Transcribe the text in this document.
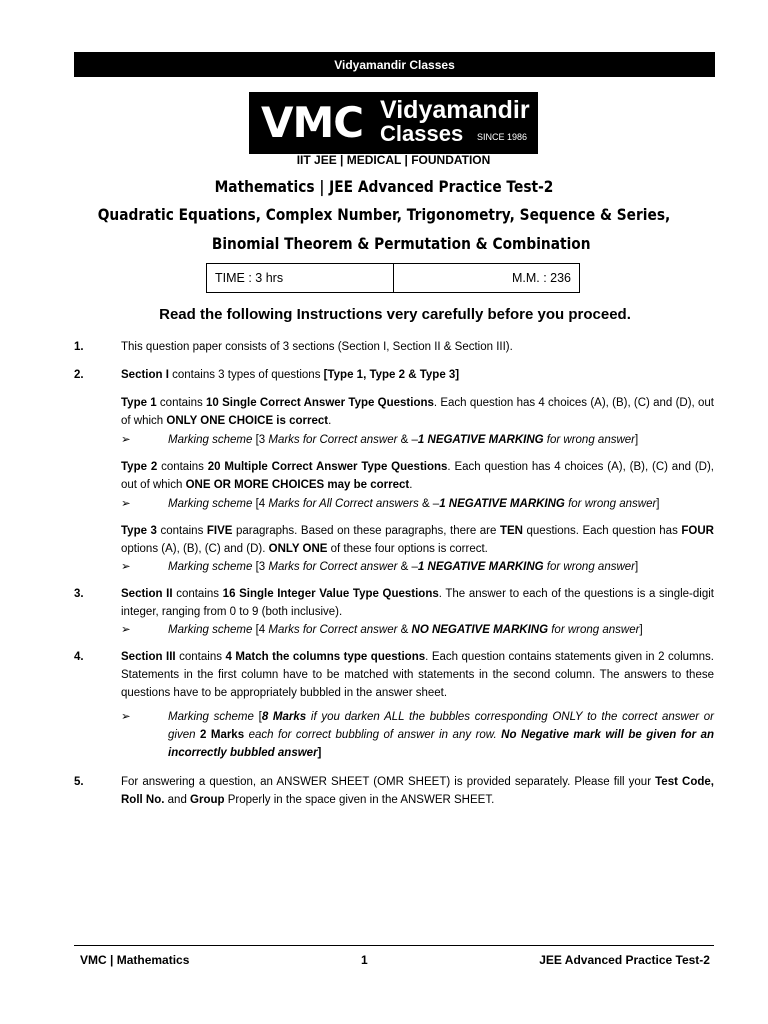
Vidyamandir Classes
VMC Vidyamandir
Classes SINCE 1986
IIT JEE | MEDICAL | FOUNDATION
Mathematics | JEE Advanced Practice Test-2
Quadratic Equations, Complex Number, Trigonometry, Sequence & Series,
Binomial Theorem & Permutation & Combination
TIME : 3 hrs	M.M. : 236
Read the following Instructions very carefully before you proceed.
1.	This question paper consists of 3 sections (Section I, Section II & Section III).

2.	Section I contains 3 types of questions [Type 1, Type 2 & Type 3]

Type 1 contains 10 Single Correct Answer Type Questions. Each question has 4 choices (A), (B), (C) and (D), out of which ONLY ONE CHOICE is correct.

➢	Marking scheme [3 Marks for Correct answer & –1 NEGATIVE MARKING for wrong answer]

Type 2 contains 20 Multiple Correct Answer Type Questions. Each question has 4 choices (A), (B), (C) and (D), out of which ONE OR MORE CHOICES may be correct.

➢	Marking scheme [4 Marks for All Correct answers & –1 NEGATIVE MARKING for wrong answer]

Type 3 contains FIVE paragraphs. Based on these paragraphs, there are TEN questions. Each question has FOUR options (A), (B), (C) and (D). ONLY ONE of these four options is correct.

➢	Marking scheme [3 Marks for Correct answer & –1 NEGATIVE MARKING for wrong answer]
3.	Section II contains 16 Single Integer Value Type Questions. The answer to each of the questions is a single-digit integer, ranging from 0 to 9 (both inclusive).

➢	Marking scheme [4 Marks for Correct answer & NO NEGATIVE MARKING for wrong answer]
4.	Section III contains 4 Match the columns type questions. Each question contains statements given in 2 columns. Statements in the first column have to be matched with statements in the second column. The answers to these questions have to be appropriately bubbled in the answer sheet.

➢	Marking scheme [8 Marks if you darken ALL the bubbles corresponding ONLY to the correct answer or given 2 Marks each for correct bubbling of answer in any row. No Negative mark will be given for an incorrectly bubbled answer]
5.	For answering a question, an ANSWER SHEET (OMR SHEET) is provided separately. Please fill your Test Code, Roll No. and Group Properly in the space given in the ANSWER SHEET.

VMC | Mathematics	1	JEE Advanced Practice Test-2
